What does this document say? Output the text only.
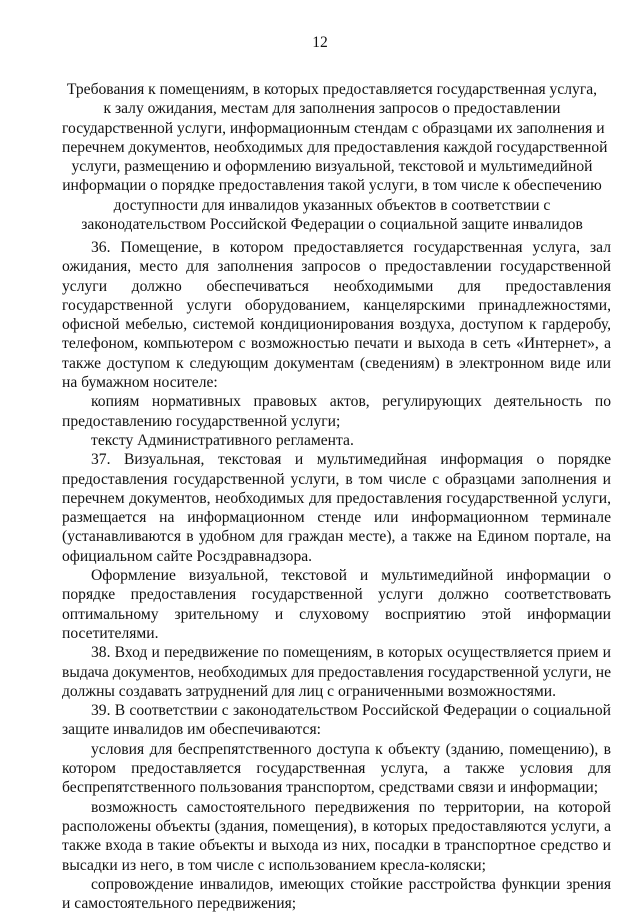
12
Требования к помещениям, в которых предоставляется государственная услуга,
к залу ожидания, местам для заполнения запросов о предоставлении
государственной услуги, информационным стендам с образцами их заполнения и
перечнем документов, необходимых для предоставления каждой государственной
услуги, размещению и оформлению визуальной, текстовой и мультимедийной
информации о порядке предоставления такой услуги, в том числе к обеспечению
доступности для инвалидов указанных объектов в соответствии с
законодательством Российской Федерации о социальной защите инвалидов

36. Помещение, в котором предоставляется государственная услуга, зал ожидания, место для заполнения запросов о предоставлении государственной услуги должно обеспечиваться необходимыми для предоставления государственной услуги оборудованием, канцелярскими принадлежностями, офисной мебелью, системой кондиционирования воздуха, доступом к гардеробу, телефоном, компьютером с возможностью печати и выхода в сеть «Интернет», а также доступом к следующим документам (сведениям) в электронном виде или на бумажном носителе:

копиям нормативных правовых актов, регулирующих деятельность по предоставлению государственной услуги;

тексту Административного регламента.

37. Визуальная, текстовая и мультимедийная информация о порядке предоставления государственной услуги, в том числе с образцами заполнения и перечнем документов, необходимых для предоставления государственной услуги, размещается на информационном стенде или информационном терминале (устанавливаются в удобном для граждан месте), а также на Едином портале, на официальном сайте Росздравнадзора.

Оформление визуальной, текстовой и мультимедийной информации о порядке предоставления государственной услуги должно соответствовать оптимальному зрительному и слуховому восприятию этой информации посетителями.

38. Вход и передвижение по помещениям, в которых осуществляется прием и выдача документов, необходимых для предоставления государственной услуги, не должны создавать затруднений для лиц с ограниченными возможностями.

39. В соответствии с законодательством Российской Федерации о социальной защите инвалидов им обеспечиваются:

условия для беспрепятственного доступа к объекту (зданию, помещению), в котором предоставляется государственная услуга, а также условия для беспрепятственного пользования транспортом, средствами связи и информации;

возможность самостоятельного передвижения по территории, на которой расположены объекты (здания, помещения), в которых предоставляются услуги, а также входа в такие объекты и выхода из них, посадки в транспортное средство и высадки из него, в том числе с использованием кресла-коляски;

сопровождение инвалидов, имеющих стойкие расстройства функции зрения и самостоятельного передвижения;
